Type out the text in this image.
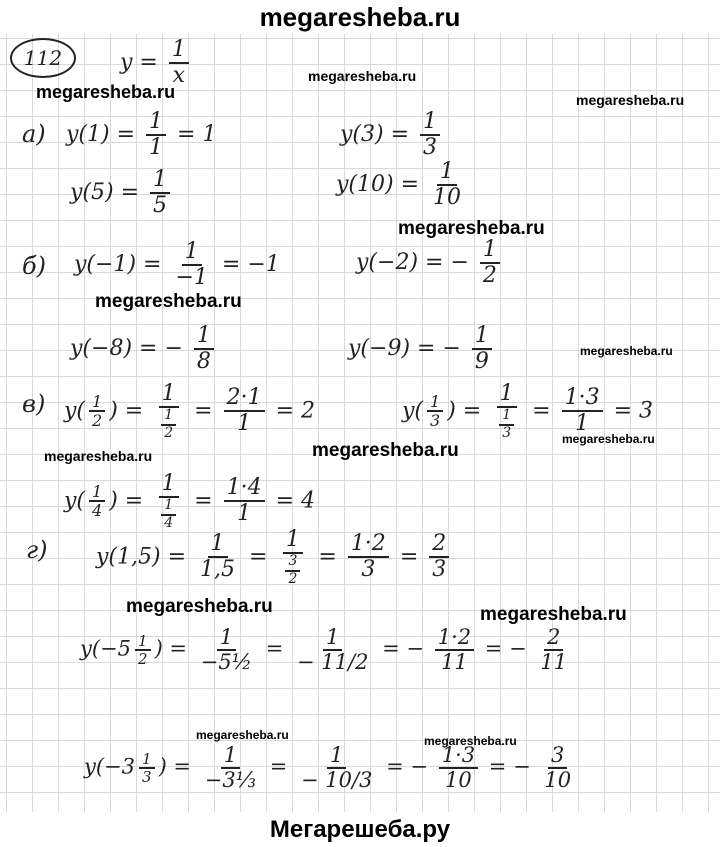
megaresheba.ru
112	$y = \frac{1}{x}$	megaresheba.ru
megaresheba.ru	megaresheba.ru
megaresheba.ru
megaresheba.ru
megaresheba.ru
megaresheba.ru
megaresheba.ru	megaresheba.ru
megaresheba.ru	megaresheba.ru
megaresheba.ru	megaresheba.ru
а) $y(1) = \frac{1}{1} = 1$	$y(3) = \frac{1}{3}$
$y(5) = \frac{1}{5}$	$y(10) = \frac{1}{10}$
б) $y(-1) = \frac{1}{-1} = -1$	y(−2) = − $\frac{1}{2}$
y(−8) = − $\frac{1}{8}$	y(−9) = − $\frac{1}{9}$
в) $y( \frac{1}{2}$ ) = $\frac{1}{\frac{1}{2}} = \frac{2\cdot 1}{1} = 2$	$y( \frac{1}{3}$ ) = $\frac{1}{\frac{1}{3}} = \frac{1\cdot 3}{1} = 3$
$y( \frac{1}{4}$ ) = $\frac{1}{\frac{1}{4}} = \frac{1\cdot 4}{1} = 4$
г) $y(1,5) = \frac{1}{1,5} = \frac{1}{\frac{3}{2}} = \frac{1\cdot 2}{3} = \frac{2}{3}$
$y(-5 \frac{1}{2}$ ) = $\frac{1}{\text{−5½}} = \frac{1}{- 11/2}$ = − $\frac{1\cdot 2}{11}$ = − $\frac{2}{11}$
$y(-3 \frac{1}{3}$ ) = $\frac{1}{\text{−3⅓}} = \frac{1}{- 10/3}$ = − $\frac{1\cdot 3}{10}$ = − $\frac{3}{10}$
Мегарешеба.ру
